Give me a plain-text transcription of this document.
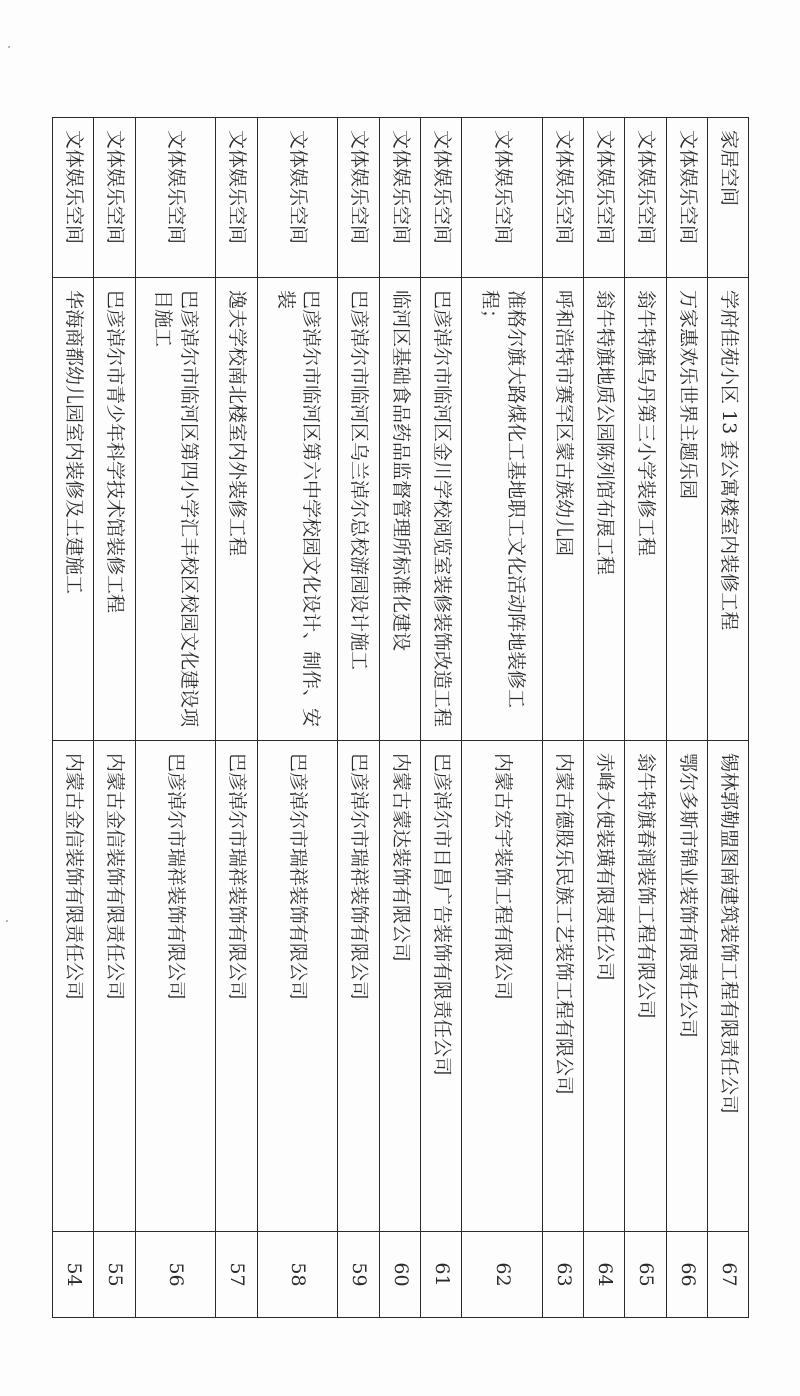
家居空间	学府佳苑小区 13 套公寓楼室内装修工程	锡林郭勒盟图南建筑装饰工程有限责任公司	67
文体娱乐空间	万家惠欢乐世界主题乐园	鄂尔多斯市锦业装饰有限责任公司	66
文体娱乐空间	翁牛特旗乌丹第三小学装修工程	翁牛特旗春润装饰工程有限公司	65
文体娱乐空间	翁牛特旗地质公园陈列馆布展工程	赤峰大使装璜有限责任公司	64
文体娱乐空间	呼和浩特市赛罕区蒙古族幼儿园	内蒙古德股乐民族工艺装饰工程有限公司	63
文体娱乐空间	准格尔旗大路煤化工基地职工文化活动阵地装修工程；	内蒙古宏宇装饰工程有限公司	62
文体娱乐空间	巴彦淖尔市临河区金川学校阅览室装修装饰改造工程	巴彦淖尔市日昌广告装饰有限责任公司	61
文体娱乐空间	临河区基础食品药品监督管理所标准化建设	内蒙古蒙达装饰有限公司	60
文体娱乐空间	巴彦淖尔市临河区乌兰淖尔总校游园设计施工	巴彦淖尔市瑞祥装饰有限公司	59
文体娱乐空间	巴彦淖尔市临河区第六中学校园文化设计、制作、安装	巴彦淖尔市瑞祥装饰有限公司	58
文体娱乐空间	逸夫学校南北楼室内外装修工程	巴彦淖尔市瑞祥装饰有限公司	57
文体娱乐空间	巴彦淖尔市临河区第四小学汇丰校区校园文化建设项目施工	巴彦淖尔市瑞祥装饰有限公司	56
文体娱乐空间	巴彦淖尔市青少年科学技术馆装修工程	内蒙古金信装饰有限责任公司	55
文体娱乐空间	华海商都幼儿园室内装修及土建施工	内蒙古金信装饰有限责任公司	54
